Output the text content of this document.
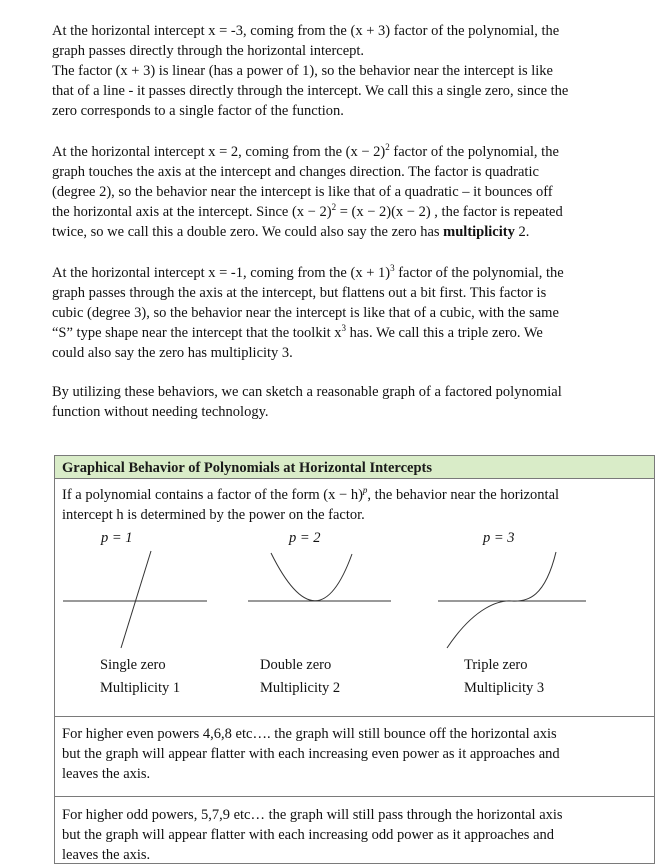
At the horizontal intercept x = -3, coming from the (x + 3) factor of the polynomial, the
graph passes directly through the horizontal intercept.
The factor (x + 3) is linear (has a power of 1), so the behavior near the intercept is like
that of a line - it passes directly through the intercept. We call this a single zero, since the
zero corresponds to a single factor of the function.
At the horizontal intercept x = 2, coming from the $(x - 2)^2$ factor of the polynomial, the
graph touches the axis at the intercept and changes direction. The factor is quadratic
(degree 2), so the behavior near the intercept is like that of a quadratic – it bounces off
the horizontal axis at the intercept. Since $(x - 2)^2 = (x - 2)(x - 2)$ , the factor is repeated
twice, so we call this a double zero. We could also say the zero has multiplicity 2.
At the horizontal intercept x = -1, coming from the $(x + 1)^3$ factor of the polynomial, the
graph passes through the axis at the intercept, but flattens out a bit first. This factor is
cubic (degree 3), so the behavior near the intercept is like that of a cubic, with the same
“S” type shape near the intercept that the toolkit $x^3$ has. We call this a triple zero. We
could also say the zero has multiplicity 3.
By utilizing these behaviors, we can sketch a reasonable graph of a factored polynomial
function without needing technology.
Graphical Behavior of Polynomials at Horizontal Intercepts
If a polynomial contains a factor of the form $(x - h)^p$, the behavior near the horizontal
intercept h is determined by the power on the factor.
For higher even powers 4,6,8 etc…. the graph will still bounce off the horizontal axis
but the graph will appear flatter with each increasing even power as it approaches and
leaves the axis.
For higher odd powers, 5,7,9 etc… the graph will still pass through the horizontal axis
but the graph will appear flatter with each increasing odd power as it approaches and
leaves the axis.
p = 1	p = 2	p = 3
Single zero
Multiplicity 1
Double zero
Multiplicity 2
Triple zero
Multiplicity 3
